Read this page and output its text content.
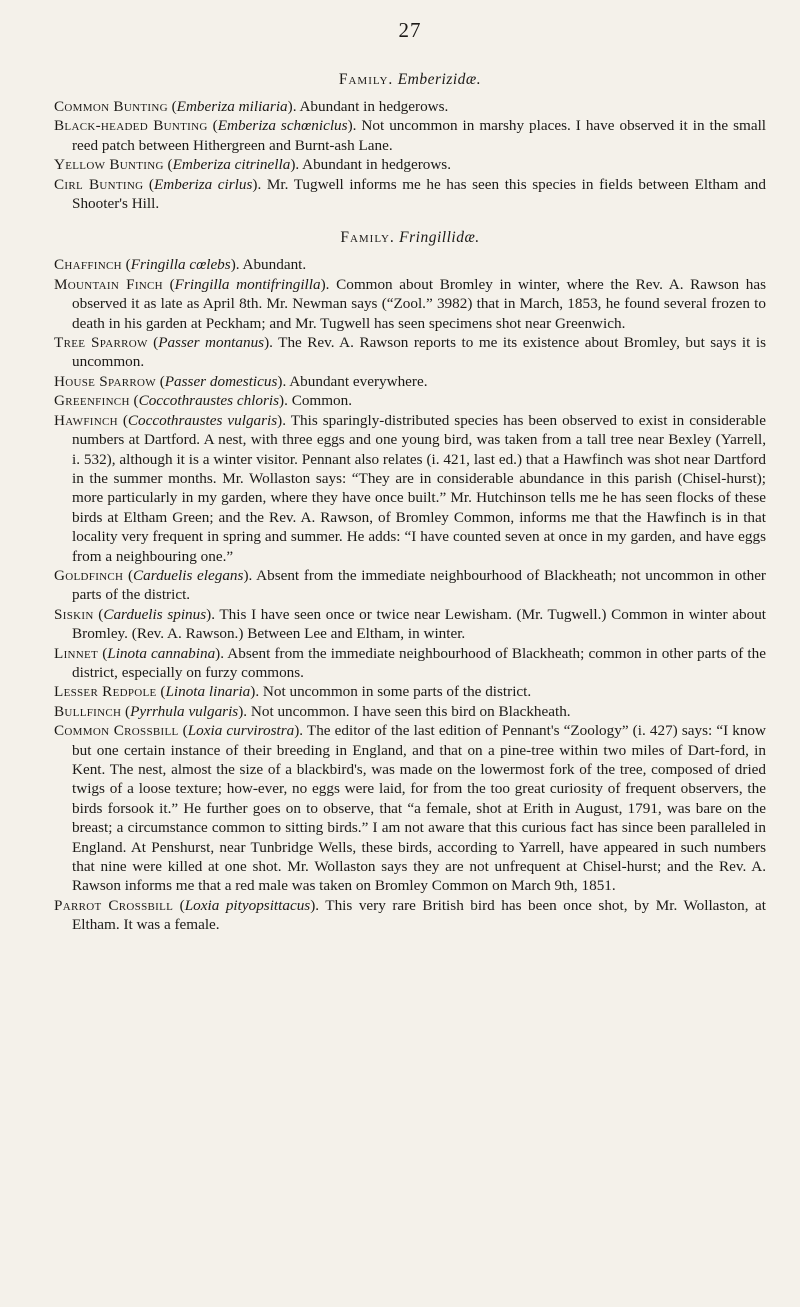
27
Family. Emberizidæ.

Common Bunting (Emberiza miliaria). Abundant in hedgerows.

Black-headed Bunting (Emberiza schœniclus). Not uncommon in marshy places. I have observed it in the small reed patch between Hithergreen and Burnt-ash Lane.

Yellow Bunting (Emberiza citrinella). Abundant in hedgerows.

Cirl Bunting (Emberiza cirlus). Mr. Tugwell informs me he has seen this species in fields between Eltham and Shooter's Hill.

Family. Fringillidæ.

Chaffinch (Fringilla cœlebs). Abundant.

Mountain Finch (Fringilla montifringilla). Common about Bromley in winter, where the Rev. A. Rawson has observed it as late as April 8th. Mr. Newman says (“Zool.” 3982) that in March, 1853, he found several frozen to death in his garden at Peckham; and Mr. Tugwell has seen specimens shot near Greenwich.

Tree Sparrow (Passer montanus). The Rev. A. Rawson reports to me its existence about Bromley, but says it is uncommon.

House Sparrow (Passer domesticus). Abundant everywhere.

Greenfinch (Coccothraustes chloris). Common.

Hawfinch (Coccothraustes vulgaris). This sparingly-distributed species has been observed to exist in considerable numbers at Dartford. A nest, with three eggs and one young bird, was taken from a tall tree near Bexley (Yarrell, i. 532), although it is a winter visitor. Pennant also relates (i. 421, last ed.) that a Hawfinch was shot near Dartford in the summer months. Mr. Wollaston says: “They are in considerable abundance in this parish (Chisel-hurst); more particularly in my garden, where they have once built.” Mr. Hutchinson tells me he has seen flocks of these birds at Eltham Green; and the Rev. A. Rawson, of Bromley Common, informs me that the Hawfinch is in that locality very frequent in spring and summer. He adds: “I have counted seven at once in my garden, and have eggs from a neighbouring one.”

Goldfinch (Carduelis elegans). Absent from the immediate neighbourhood of Blackheath; not uncommon in other parts of the district.

Siskin (Carduelis spinus). This I have seen once or twice near Lewisham. (Mr. Tugwell.) Common in winter about Bromley. (Rev. A. Rawson.) Between Lee and Eltham, in winter.

Linnet (Linota cannabina). Absent from the immediate neighbourhood of Blackheath; common in other parts of the district, especially on furzy commons.

Lesser Redpole (Linota linaria). Not uncommon in some parts of the district.

Bullfinch (Pyrrhula vulgaris). Not uncommon. I have seen this bird on Blackheath.

Common Crossbill (Loxia curvirostra). The editor of the last edition of Pennant's “Zoology” (i. 427) says: “I know but one certain instance of their breeding in England, and that on a pine-tree within two miles of Dart-ford, in Kent. The nest, almost the size of a blackbird's, was made on the lowermost fork of the tree, composed of dried twigs of a loose texture; how-ever, no eggs were laid, for from the too great curiosity of frequent observers, the birds forsook it.” He further goes on to observe, that “a female, shot at Erith in August, 1791, was bare on the breast; a circumstance common to sitting birds.” I am not aware that this curious fact has since been paralleled in England. At Penshurst, near Tunbridge Wells, these birds, according to Yarrell, have appeared in such numbers that nine were killed at one shot. Mr. Wollaston says they are not unfrequent at Chisel-hurst; and the Rev. A. Rawson informs me that a red male was taken on Bromley Common on March 9th, 1851.

Parrot Crossbill (Loxia pityopsittacus). This very rare British bird has been once shot, by Mr. Wollaston, at Eltham. It was a female.
